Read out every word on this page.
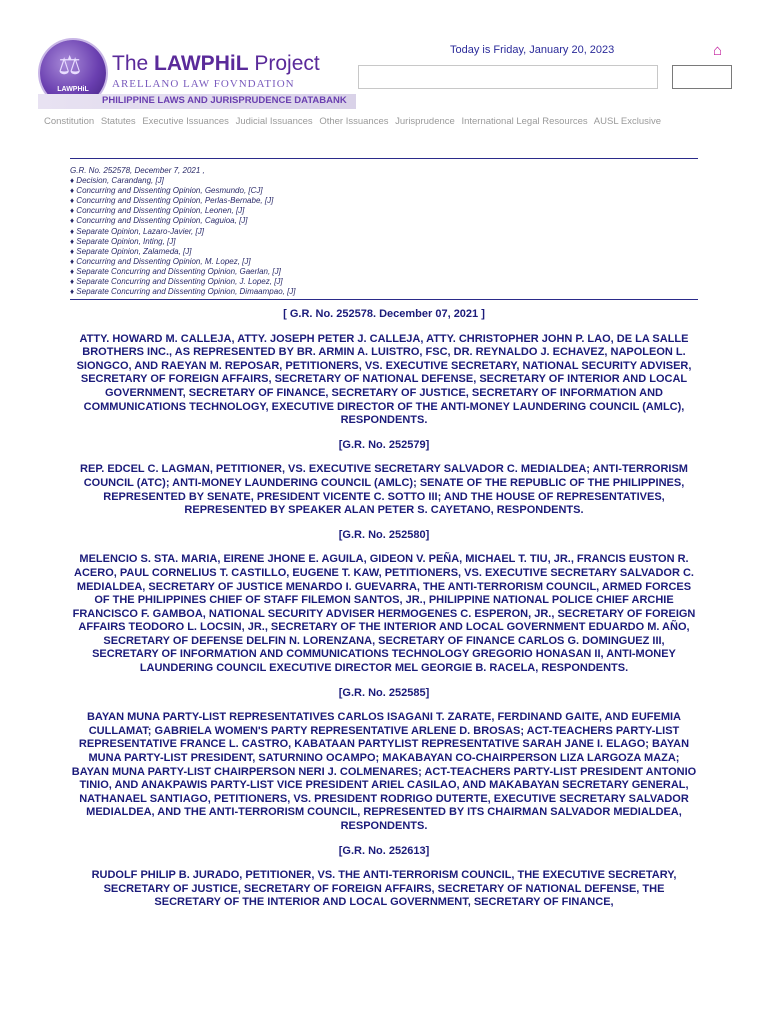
⚖
LAWPHiL
The LAWPHiL Project
ARELLANO LAW FOVNDATION
PHILIPPINE LAWS AND JURISPRUDENCE DATABANK
Today is Friday, January 20, 2023	⌂
Constitution Statutes Executive Issuances Judicial Issuances Other Issuances Jurisprudence International Legal Resources AUSL Exclusive
G.R. No. 252578, December 7, 2021 ,
♦ Decision, Carandang, [J]
♦ Concurring and Dissenting Opinion, Gesmundo, [CJ]
♦ Concurring and Dissenting Opinion, Perlas-Bernabe, [J]
♦ Concurring and Dissenting Opinion, Leonen, [J]
♦ Concurring and Dissenting Opinion, Caguioa, [J]
♦ Separate Opinion, Lazaro-Javier, [J]
♦ Separate Opinion, Inting, [J]
♦ Separate Opinion, Zalameda, [J]
♦ Concurring and Dissenting Opinion, M. Lopez, [J]
♦ Separate Concurring and Dissenting Opinion, Gaerlan, [J]
♦ Separate Concurring and Dissenting Opinion, J. Lopez, [J]
♦ Separate Concurring and Dissenting Opinion, Dimaampao, [J]
[ G.R. No. 252578. December 07, 2021 ]
ATTY. HOWARD M. CALLEJA, ATTY. JOSEPH PETER J. CALLEJA, ATTY. CHRISTOPHER JOHN P. LAO, DE LA SALLE BROTHERS INC., AS REPRESENTED BY BR. ARMIN A. LUISTRO, FSC, DR. REYNALDO J. ECHAVEZ, NAPOLEON L. SIONGCO, AND RAEYAN M. REPOSAR, PETITIONERS, VS. EXECUTIVE SECRETARY, NATIONAL SECURITY ADVISER, SECRETARY OF FOREIGN AFFAIRS, SECRETARY OF NATIONAL DEFENSE, SECRETARY OF INTERIOR AND LOCAL GOVERNMENT, SECRETARY OF FINANCE, SECRETARY OF JUSTICE, SECRETARY OF INFORMATION AND COMMUNICATIONS TECHNOLOGY, EXECUTIVE DIRECTOR OF THE ANTI-MONEY LAUNDERING COUNCIL (AMLC), RESPONDENTS.
[G.R. No. 252579]
REP. EDCEL C. LAGMAN, PETITIONER, VS. EXECUTIVE SECRETARY SALVADOR C. MEDIALDEA; ANTI-TERRORISM COUNCIL (ATC); ANTI-MONEY LAUNDERING COUNCIL (AMLC); SENATE OF THE REPUBLIC OF THE PHILIPPINES, REPRESENTED BY SENATE, PRESIDENT VICENTE C. SOTTO III; AND THE HOUSE OF REPRESENTATIVES, REPRESENTED BY SPEAKER ALAN PETER S. CAYETANO, RESPONDENTS.
[G.R. No. 252580]
MELENCIO S. STA. MARIA, EIRENE JHONE E. AGUILA, GIDEON V. PEÑA, MICHAEL T. TIU, JR., FRANCIS EUSTON R. ACERO, PAUL CORNELIUS T. CASTILLO, EUGENE T. KAW, PETITIONERS, VS. EXECUTIVE SECRETARY SALVADOR C. MEDIALDEA, SECRETARY OF JUSTICE MENARDO I. GUEVARRA, THE ANTI-TERRORISM COUNCIL, ARMED FORCES OF THE PHILIPPINES CHIEF OF STAFF FILEMON SANTOS, JR., PHILIPPINE NATIONAL POLICE CHIEF ARCHIE FRANCISCO F. GAMBOA, NATIONAL SECURITY ADVISER HERMOGENES C. ESPERON, JR., SECRETARY OF FOREIGN AFFAIRS TEODORO L. LOCSIN, JR., SECRETARY OF THE INTERIOR AND LOCAL GOVERNMENT EDUARDO M. AÑO, SECRETARY OF DEFENSE DELFIN N. LORENZANA, SECRETARY OF FINANCE CARLOS G. DOMINGUEZ III, SECRETARY OF INFORMATION AND COMMUNICATIONS TECHNOLOGY GREGORIO HONASAN II, ANTI-MONEY LAUNDERING COUNCIL EXECUTIVE DIRECTOR MEL GEORGIE B. RACELA, RESPONDENTS.
[G.R. No. 252585]
BAYAN MUNA PARTY-LIST REPRESENTATIVES CARLOS ISAGANI T. ZARATE, FERDINAND GAITE, AND EUFEMIA CULLAMAT; GABRIELA WOMEN'S PARTY REPRESENTATIVE ARLENE D. BROSAS; ACT-TEACHERS PARTY-LIST REPRESENTATIVE FRANCE L. CASTRO, KABATAAN PARTYLIST REPRESENTATIVE SARAH JANE I. ELAGO; BAYAN MUNA PARTY-LIST PRESIDENT, SATURNINO OCAMPO; MAKABAYAN CO-CHAIRPERSON LIZA LARGOZA MAZA; BAYAN MUNA PARTY-LIST CHAIRPERSON NERI J. COLMENARES; ACT-TEACHERS PARTY-LIST PRESIDENT ANTONIO TINIO, AND ANAKPAWIS PARTY-LIST VICE PRESIDENT ARIEL CASILAO, AND MAKABAYAN SECRETARY GENERAL, NATHANAEL SANTIAGO, PETITIONERS, VS. PRESIDENT RODRIGO DUTERTE, EXECUTIVE SECRETARY SALVADOR MEDIALDEA, AND THE ANTI-TERRORISM COUNCIL, REPRESENTED BY ITS CHAIRMAN SALVADOR MEDIALDEA, RESPONDENTS.
[G.R. No. 252613]
RUDOLF PHILIP B. JURADO, PETITIONER, VS. THE ANTI-TERRORISM COUNCIL, THE EXECUTIVE SECRETARY, SECRETARY OF JUSTICE, SECRETARY OF FOREIGN AFFAIRS, SECRETARY OF NATIONAL DEFENSE, THE SECRETARY OF THE INTERIOR AND LOCAL GOVERNMENT, SECRETARY OF FINANCE,
